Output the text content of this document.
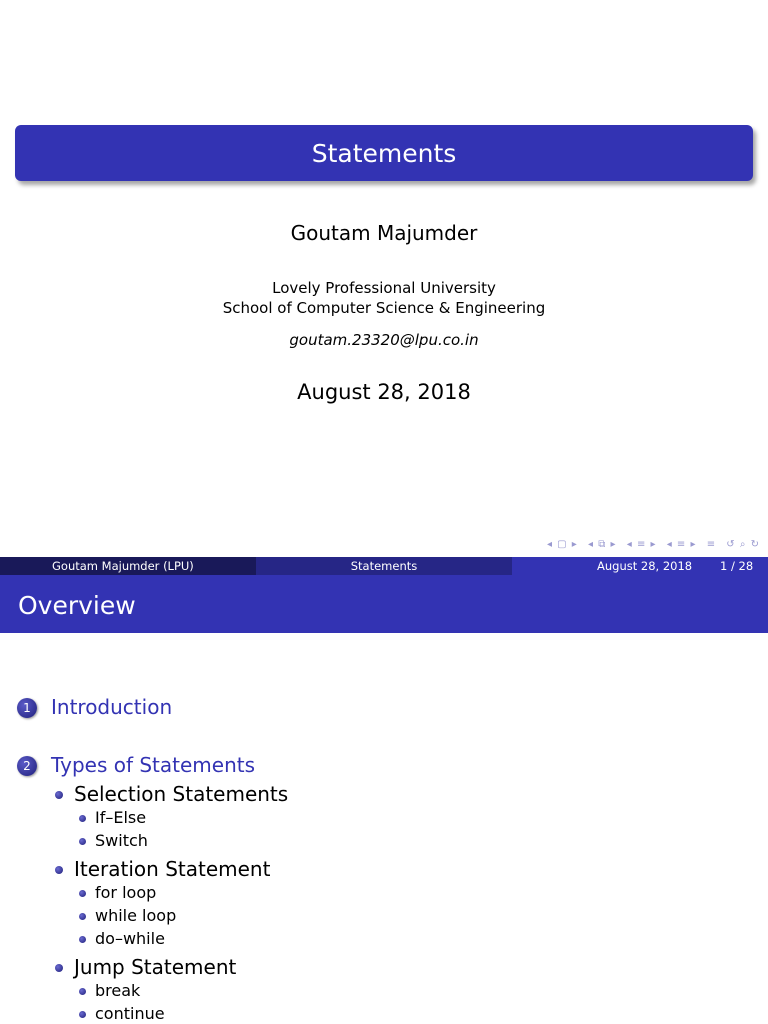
Statements
Goutam Majumder
Lovely Professional University
School of Computer Science & Engineering
goutam.23320@lpu.co.in
August 28, 2018
◂ ▢ ▸ ◂ ⧉ ▸ ◂ ≡ ▸ ◂ ≡ ▸ ≡ ↺ ⌕ ↻
Goutam Majumder (LPU)	Statements	August 28, 2018 1 / 28
Overview
1	Introduction
2	Types of Statements
Selection Statements
If–Else
Switch
Iteration Statement
for loop
while loop
do–while
Jump Statement
break
continue
